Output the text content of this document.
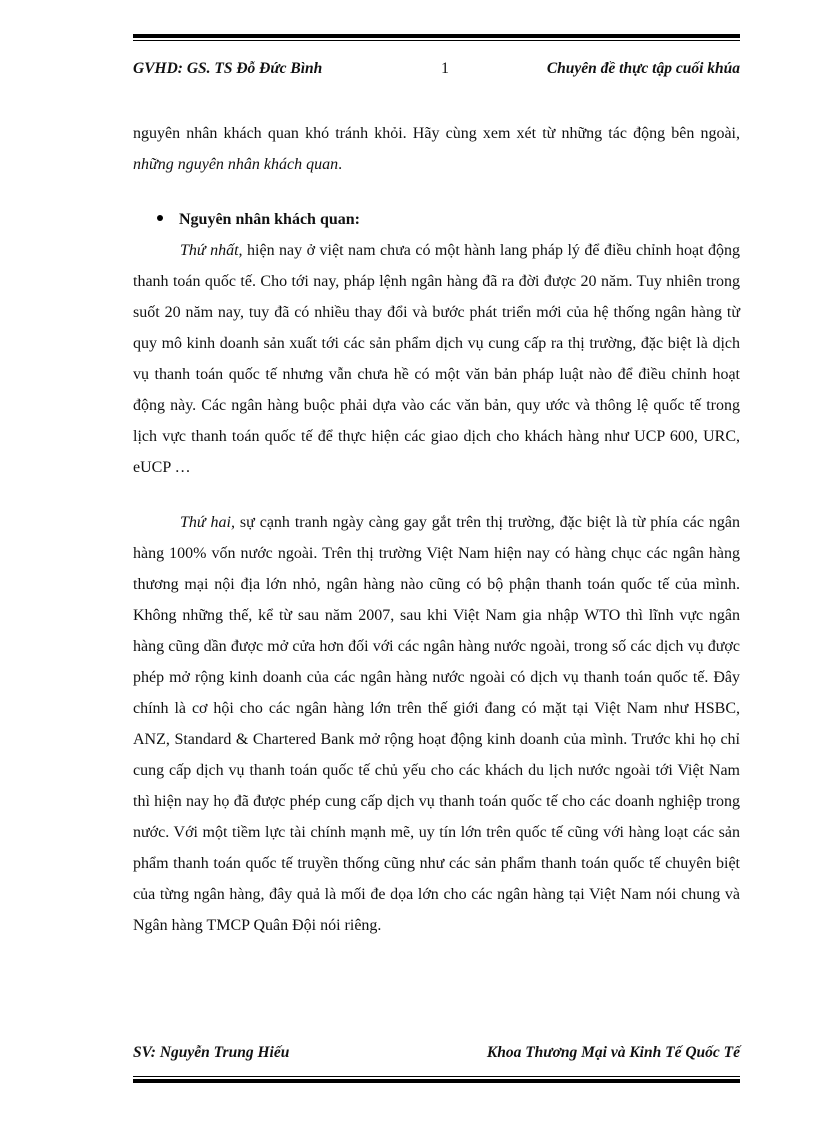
GVHD: GS. TS Đỗ Đức Bình	1	Chuyên đề thực tập cuối khúa

nguyên nhân khách quan khó tránh khỏi. Hãy cùng xem xét từ những tác động bên ngoài, những nguyên nhân khách quan.

Nguyên nhân khách quan:

Thứ nhất, hiện nay ở việt nam chưa có một hành lang pháp lý để điều chỉnh hoạt động thanh toán quốc tế. Cho tới nay, pháp lệnh ngân hàng đã ra đời được 20 năm. Tuy nhiên trong suốt 20 năm nay, tuy đã có nhiều thay đổi và bước phát triển mới của hệ thống ngân hàng từ quy mô kinh doanh sản xuất tới các sản phẩm dịch vụ cung cấp ra thị trường, đặc biệt là dịch vụ thanh toán quốc tế nhưng vẫn chưa hề có một văn bản pháp luật nào để điều chỉnh hoạt động này. Các ngân hàng buộc phải dựa vào các văn bản, quy ước và thông lệ quốc tế trong lịch vực thanh toán quốc tế để thực hiện các giao dịch cho khách hàng như UCP 600, URC, eUCP …

Thứ hai, sự cạnh tranh ngày càng gay gắt trên thị trường, đặc biệt là từ phía các ngân hàng 100% vốn nước ngoài. Trên thị trường Việt Nam hiện nay có hàng chục các ngân hàng thương mại nội địa lớn nhỏ, ngân hàng nào cũng có bộ phận thanh toán quốc tế của mình. Không những thế, kể từ sau năm 2007, sau khi Việt Nam gia nhập WTO thì lĩnh vực ngân hàng cũng dần được mở cửa hơn đối với các ngân hàng nước ngoài, trong số các dịch vụ được phép mở rộng kinh doanh của các ngân hàng nước ngoài có dịch vụ thanh toán quốc tế. Đây chính là cơ hội cho các ngân hàng lớn trên thế giới đang có mặt tại Việt Nam như HSBC, ANZ, Standard & Chartered Bank mở rộng hoạt động kinh doanh của mình. Trước khi họ chỉ cung cấp dịch vụ thanh toán quốc tế chủ yếu cho các khách du lịch nước ngoài tới Việt Nam thì hiện nay họ đã được phép cung cấp dịch vụ thanh toán quốc tế cho các doanh nghiệp trong nước. Với một tiềm lực tài chính mạnh mẽ, uy tín lớn trên quốc tế cũng với hàng loạt các sản phẩm thanh toán quốc tế truyền thống cũng như các sản phẩm thanh toán quốc tế chuyên biệt của từng ngân hàng, đây quả là mối đe dọa lớn cho các ngân hàng tại Việt Nam nói chung và Ngân hàng TMCP Quân Đội nói riêng.

SV: Nguyễn Trung Hiếu	Khoa Thương Mại và Kinh Tế Quốc Tế
